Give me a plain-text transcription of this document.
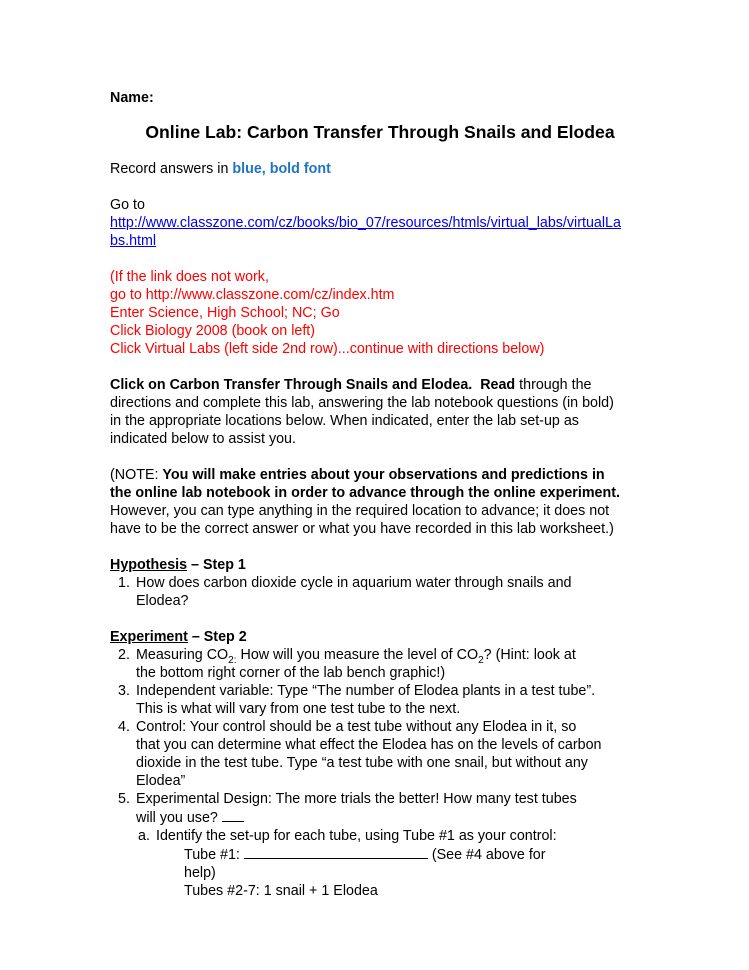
Name:

Online Lab: Carbon Transfer Through Snails and Elodea

Record answers in blue, bold font

Go to

http://www.classzone.com/cz/books/bio_07/resources/htmls/virtual_labs/virtualLa
bs.html

(If the link does not work,

go to http://www.classzone.com/cz/index.htm

Enter Science, High School; NC; Go

Click Biology 2008 (book on left)

Click Virtual Labs (left side 2nd row)...continue with directions below)

Click on Carbon Transfer Through Snails and Elodea. Read through the

directions and complete this lab, answering the lab notebook questions (in bold)

in the appropriate locations below. When indicated, enter the lab set-up as

indicated below to assist you.

(NOTE: You will make entries about your observations and predictions in

the online lab notebook in order to advance through the online experiment.

However, you can type anything in the required location to advance; it does not

have to be the correct answer or what you have recorded in this lab worksheet.)

Hypothesis – Step 1

1. How does carbon dioxide cycle in aquarium water through snails and
Elodea?

Experiment – Step 2

2. Measuring $CO_{2:}$ How will you measure the level of $CO_2$? (Hint: look at
the bottom right corner of the lab bench graphic!)
3. Independent variable: Type “The number of Elodea plants in a test tube”.
This is what will vary from one test tube to the next.
4. Control: Your control should be a test tube without any Elodea in it, so
that you can determine what effect the Elodea has on the levels of carbon
dioxide in the test tube. Type “a test tube with one snail, but without any
Elodea”
5. Experimental Design: The more trials the better! How many test tubes
will you use?
a. Identify the set-up for each tube, using Tube #1 as your control:
Tube #1:	(See #4 above for
help)
Tubes #2-7: 1 snail + 1 Elodea
